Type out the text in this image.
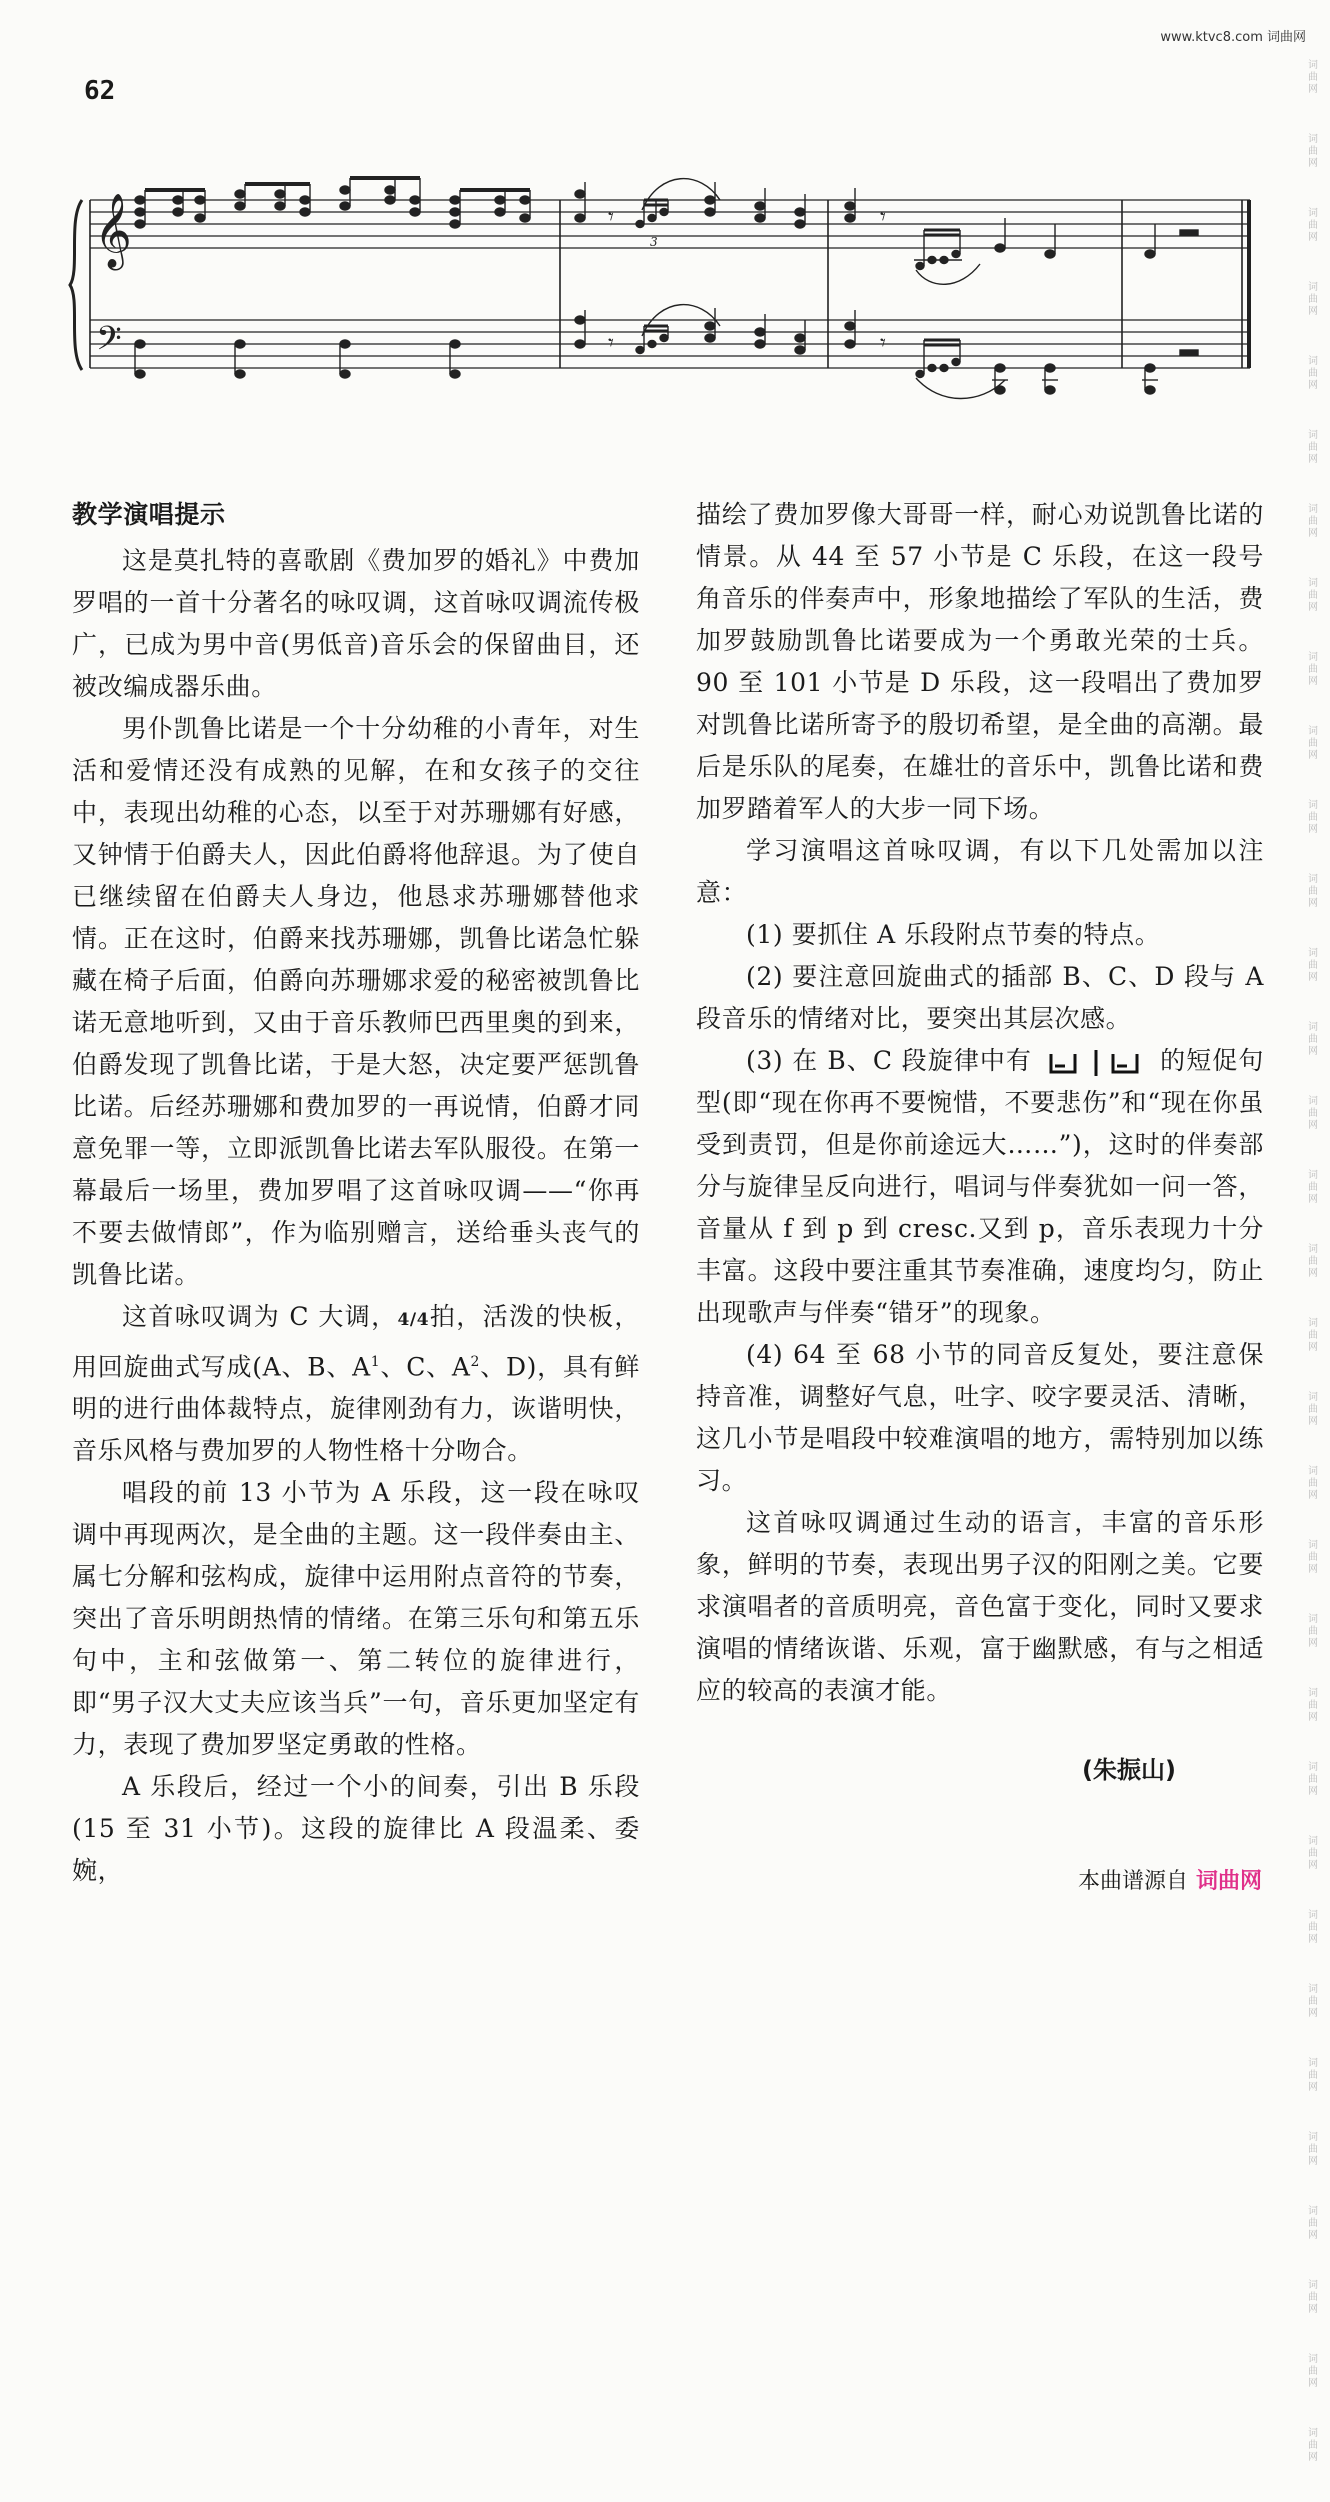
www.ktvc8.com 词曲网
词曲网
词曲网
词曲网
词曲网
词曲网
词曲网
词曲网
词曲网
词曲网
词曲网
词曲网
词曲网
词曲网
词曲网
词曲网
词曲网
词曲网
词曲网
词曲网
词曲网
词曲网
词曲网
词曲网
词曲网
词曲网
词曲网
词曲网
词曲网
词曲网
词曲网
词曲网
词曲网
词曲网
62
𝄞
𝄢
𝄾
3
𝄾
𝄾	𝄾

教学演唱提示

这是莫扎特的喜歌剧《费加罗的婚礼》中费加罗唱的一首十分著名的咏叹调，这首咏叹调流传极广，已成为男中音(男低音)音乐会的保留曲目，还被改编成器乐曲。

男仆凯鲁比诺是一个十分幼稚的小青年，对生活和爱情还没有成熟的见解，在和女孩子的交往中，表现出幼稚的心态，以至于对苏珊娜有好感，又钟情于伯爵夫人，因此伯爵将他辞退。为了使自已继续留在伯爵夫人身边，他恳求苏珊娜替他求情。正在这时，伯爵来找苏珊娜，凯鲁比诺急忙躲藏在椅子后面，伯爵向苏珊娜求爱的秘密被凯鲁比诺无意地听到，又由于音乐教师巴西里奥的到来，伯爵发现了凯鲁比诺，于是大怒，决定要严惩凯鲁比诺。后经苏珊娜和费加罗的一再说情，伯爵才同意免罪一等，立即派凯鲁比诺去军队服役。在第一幕最后一场里，费加罗唱了这首咏叹调——“你再不要去做情郎”，作为临别赠言，送给垂头丧气的凯鲁比诺。

这首咏叹调为 C 大调，4/4拍，活泼的快板，用回旋曲式写成(A、B、$A^1$、C、$A^2$、D)，具有鲜明的进行曲体裁特点，旋律刚劲有力，诙谐明快，音乐风格与费加罗的人物性格十分吻合。

唱段的前 13 小节为 A 乐段，这一段在咏叹调中再现两次，是全曲的主题。这一段伴奏由主、属七分解和弦构成，旋律中运用附点音符的节奏，突出了音乐明朗热情的情绪。在第三乐句和第五乐句中，主和弦做第一、第二转位的旋律进行，即“男子汉大丈夫应该当兵”一句，音乐更加坚定有力，表现了费加罗坚定勇敢的性格。

A 乐段后，经过一个小的间奏，引出 B 乐段(15 至 31 小节)。这段的旋律比 A 段温柔、委婉，

描绘了费加罗像大哥哥一样，耐心劝说凯鲁比诺的情景。从 44 至 57 小节是 C 乐段，在这一段号角音乐的伴奏声中，形象地描绘了军队的生活，费加罗鼓励凯鲁比诺要成为一个勇敢光荣的士兵。90 至 101 小节是 D 乐段，这一段唱出了费加罗对凯鲁比诺所寄予的殷切希望，是全曲的高潮。最后是乐队的尾奏，在雄壮的音乐中，凯鲁比诺和费加罗踏着军人的大步一同下场。

学习演唱这首咏叹调，有以下几处需加以注意：

(1) 要抓住 A 乐段附点节奏的特点。

(2) 要注意回旋曲式的插部 B、C、D 段与 A 段音乐的情绪对比，要突出其层次感。

(3) 在 B、C 段旋律中有	的短促句型(即“现在你再不要惋惜，不要悲伤”和“现在你虽受到责罚，但是你前途远大……”)，这时的伴奏部分与旋律呈反向进行，唱词与伴奏犹如一问一答，音量从 f 到 p 到 cresc.又到 p，音乐表现力十分丰富。这段中要注重其节奏准确，速度均匀，防止出现歌声与伴奏“错牙”的现象。

(4) 64 至 68 小节的同音反复处，要注意保持音准，调整好气息，吐字、咬字要灵活、清晰，这几小节是唱段中较难演唱的地方，需特别加以练习。

这首咏叹调通过生动的语言，丰富的音乐形象，鲜明的节奏，表现出男子汉的阳刚之美。它要求演唱者的音质明亮，音色富于变化，同时又要求演唱的情绪诙谐、乐观，富于幽默感，有与之相适应的较高的表演才能。

(朱振山)
本曲谱源自 词曲网
